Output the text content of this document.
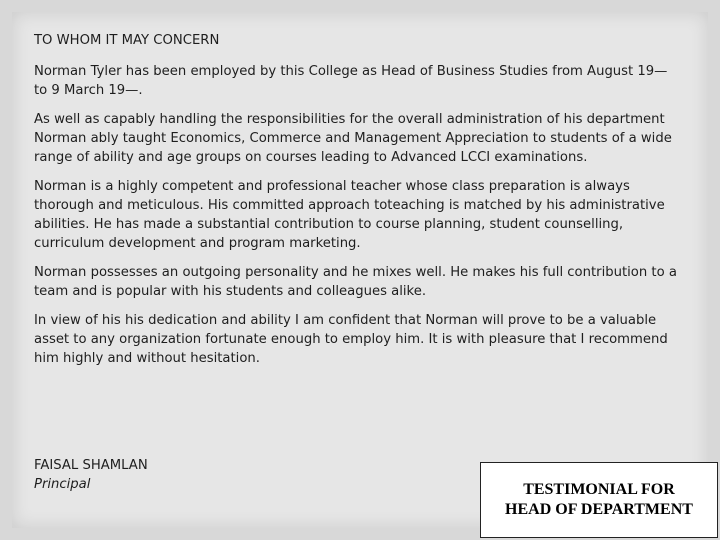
TO WHOM IT MAY CONCERN

Norman Tyler has been employed by this College as Head of Business Studies from August 19— to 9 March 19—.

As well as capably handling the responsibilities for the overall administration of his department Norman ably taught Economics, Commerce and Management Appreciation to students of a wide range of ability and age groups on courses leading to Advanced LCCI examinations.

Norman is a highly competent and professional teacher whose class preparation is always thorough and meticulous. His committed approach toteaching is matched by his administrative abilities. He has made a substantial contribution to course planning, student counselling, curriculum development and program marketing.

Norman possesses an outgoing personality and he mixes well. He makes his full contribution to a team and is popular with his students and colleagues alike.

In view of his his dedication and ability I am confident that Norman will prove to be a valuable asset to any organization fortunate enough to employ him. It is with pleasure that I recommend him highly and without hesitation.

FAISAL SHAMLAN
Principal	TESTIMONIAL FOR
HEAD OF DEPARTMENT
